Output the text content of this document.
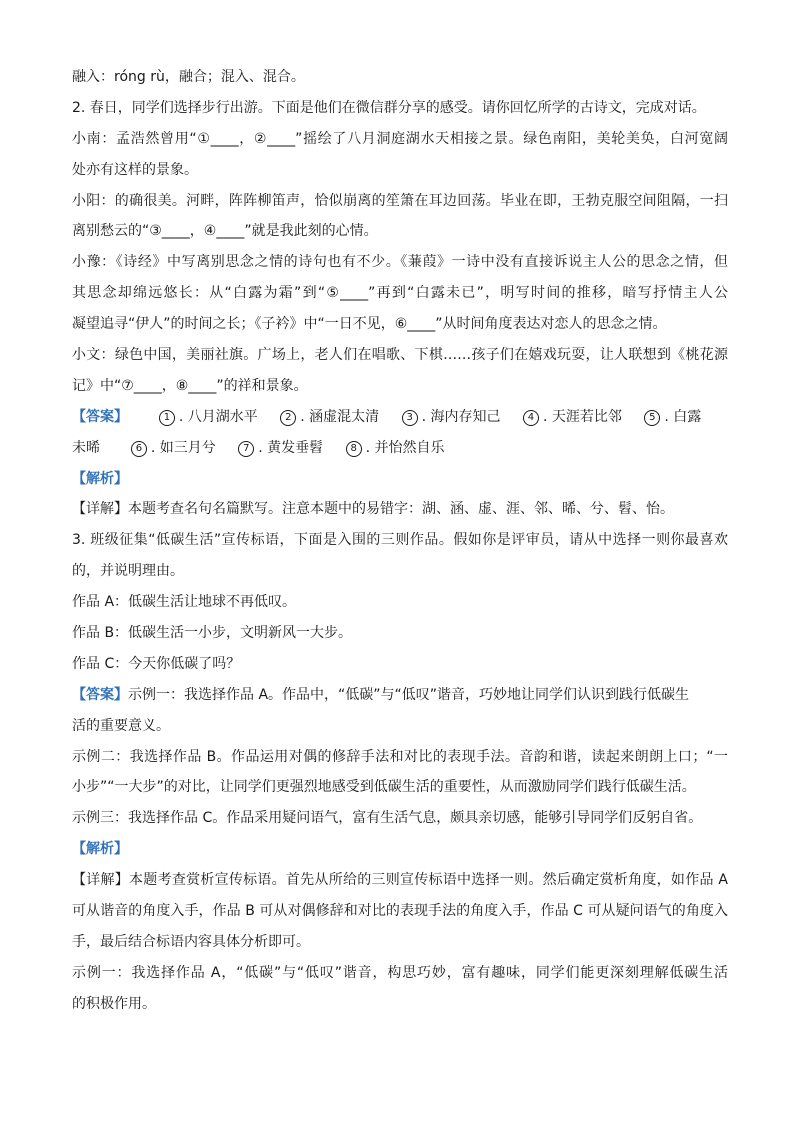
融入：róng rù，融合；混入、混合。
2. 春日，同学们选择步行出游。下面是他们在微信群分享的感受。请你回忆所学的古诗文，完成对话。
小南：孟浩然曾用“①____，②____”摇绘了八月洞庭湖水天相接之景。绿色南阳，美轮美奂，白河宽阔
处亦有这样的景象。
小阳：的确很美。河畔，阵阵柳笛声，恰似崩离的笙箫在耳边回荡。毕业在即，王勃克服空间阻隔，一扫
离别愁云的“③____，④____”就是我此刻的心情。
小豫：《诗经》中写离别思念之情的诗句也有不少。《蒹葭》一诗中没有直接诉说主人公的思念之情，但
其思念却绵远悠长：从“白露为霜”到“⑤____”再到“白露未已”，明写时间的推移，暗写抒情主人公
凝望追寻“伊人”的时间之长；《子衿》中“一日不见，⑥____”从时间角度表达对恋人的思念之情。
小文：绿色中国，美丽社旗。广场上，老人们在唱歌、下棋……孩子们在嬉戏玩耍，让人联想到《桃花源
记》中“⑦____，⑧____”的祥和景象。
【答案】	1 . 八月湖水平	2 . 涵虚混太清	3 . 海内存知己	4 . 天涯若比邻	5 . 白露
未晞	6 . 如三月兮	7 . 黄发垂髫	8 . 并怡然自乐
【解析】
【详解】本题考查名句名篇默写。注意本题中的易错字：湖、涵、虚、涯、邻、晞、兮、髫、怡。
3. 班级征集“低碳生活”宣传标语，下面是入围的三则作品。假如你是评审员，请从中选择一则你最喜欢
的，并说明理由。
作品 A：低碳生活让地球不再低叹。
作品 B：低碳生活一小步，文明新风一大步。
作品 C：今天你低碳了吗？
【答案】示例一：我选择作品 A。作品中，“低碳”与“低叹”谐音，巧妙地让同学们认识到践行低碳生
活的重要意义。
示例二：我选择作品 B。作品运用对偶的修辞手法和对比的表现手法。音韵和谐，读起来朗朗上口；“一
小步”“一大步”的对比，让同学们更强烈地感受到低碳生活的重要性，从而激励同学们践行低碳生活。
示例三：我选择作品 C。作品采用疑问语气，富有生活气息，颇具亲切感，能够引导同学们反躬自省。
【解析】
【详解】本题考查赏析宣传标语。首先从所给的三则宣传标语中选择一则。然后确定赏析角度，如作品 A
可从谐音的角度入手，作品 B 可从对偶修辞和对比的表现手法的角度入手，作品 C 可从疑问语气的角度入
手，最后结合标语内容具体分析即可。
示例一：我选择作品 A，“低碳”与“低叹”谐音，构思巧妙，富有趣味，同学们能更深刻理解低碳生活
的积极作用。
